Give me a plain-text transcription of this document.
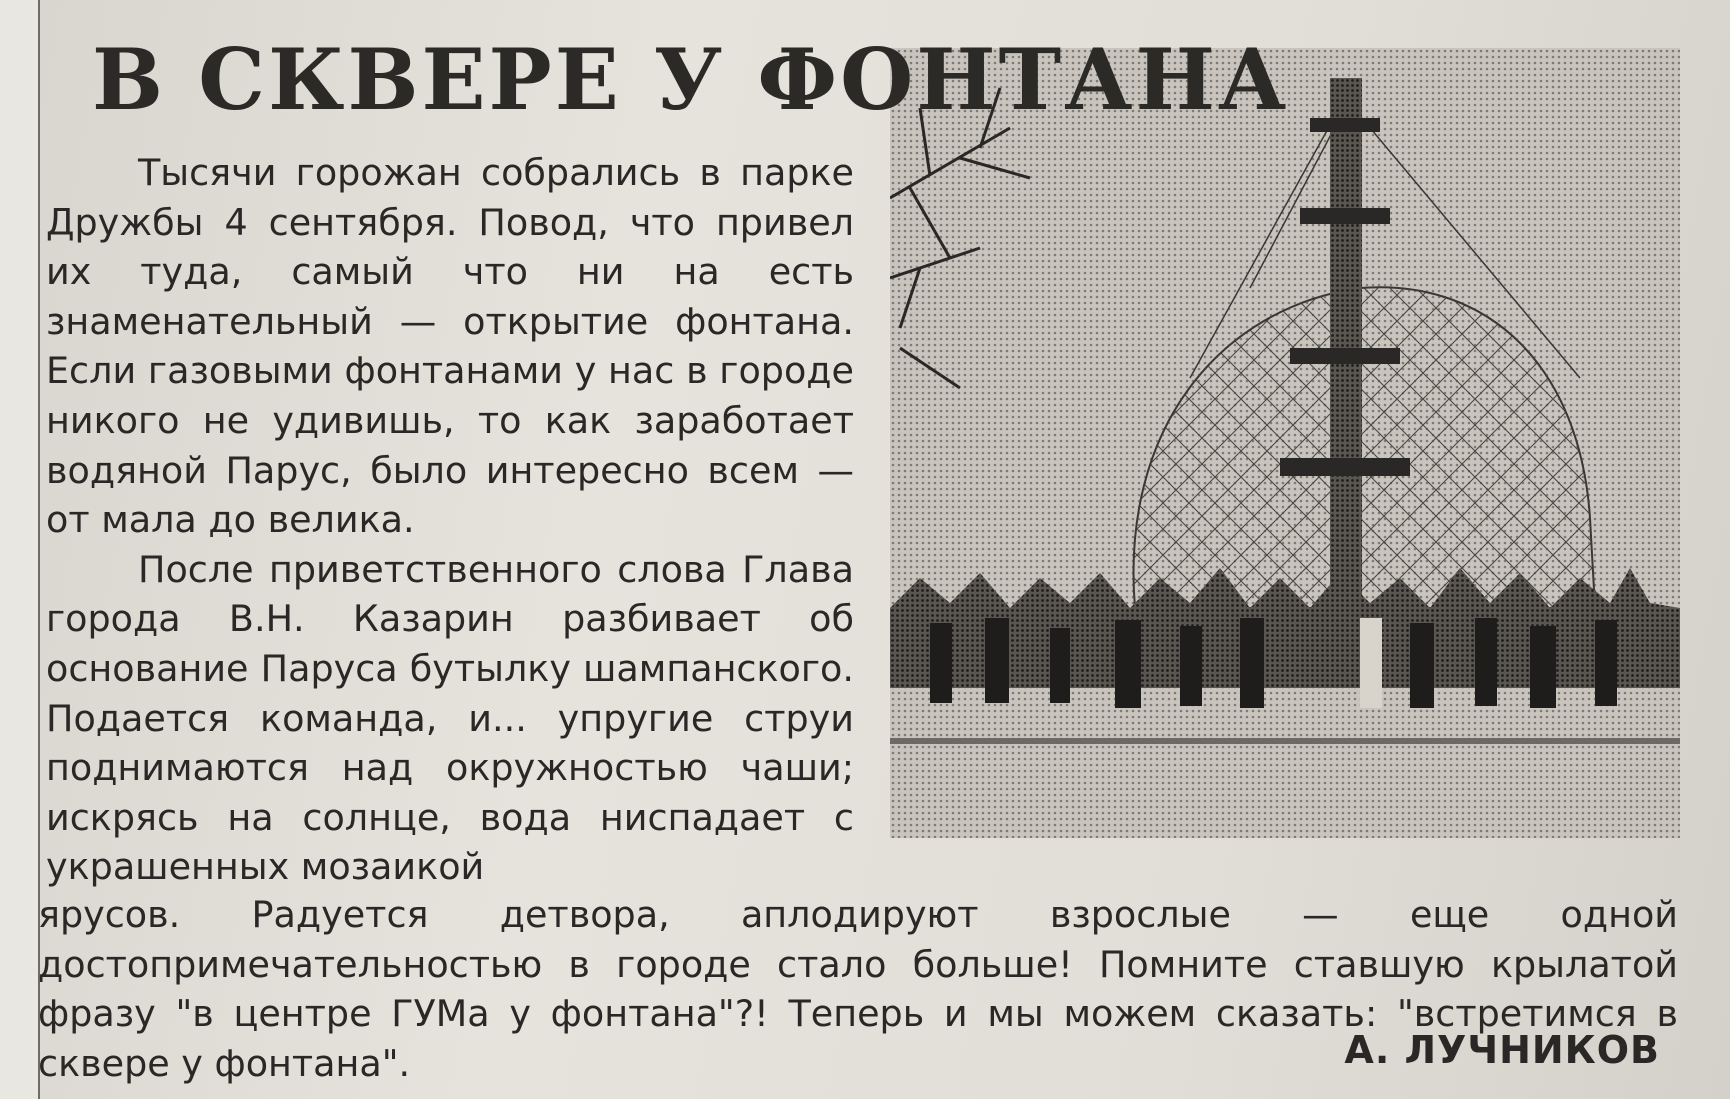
В СКВЕРЕ У ФОНТАНА

Тысячи горожан собрались в парке Дружбы 4 сентября. Повод, что привел их туда, самый что ни на есть знаменательный — открытие фонтана. Если газовыми фонтанами у нас в городе никого не удивишь, то как заработает водяной Парус, было интересно всем — от мала до велика.

После приветственного слова Глава города В.Н. Казарин разбивает об основание Паруса бутылку шампанского. Подается команда, и... упругие струи поднимаются над окружностью чаши; искрясь на солнце, вода ниспадает с украшенных мозаикой

ярусов. Радуется детвора, аплодируют взрослые — еще одной достопримечательностью в городе стало больше! Помните ставшую крылатой фразу "в центре ГУМа у фонтана"?! Теперь и мы можем сказать: "встретимся в сквере у фонтана".	А. ЛУЧНИКОВ
